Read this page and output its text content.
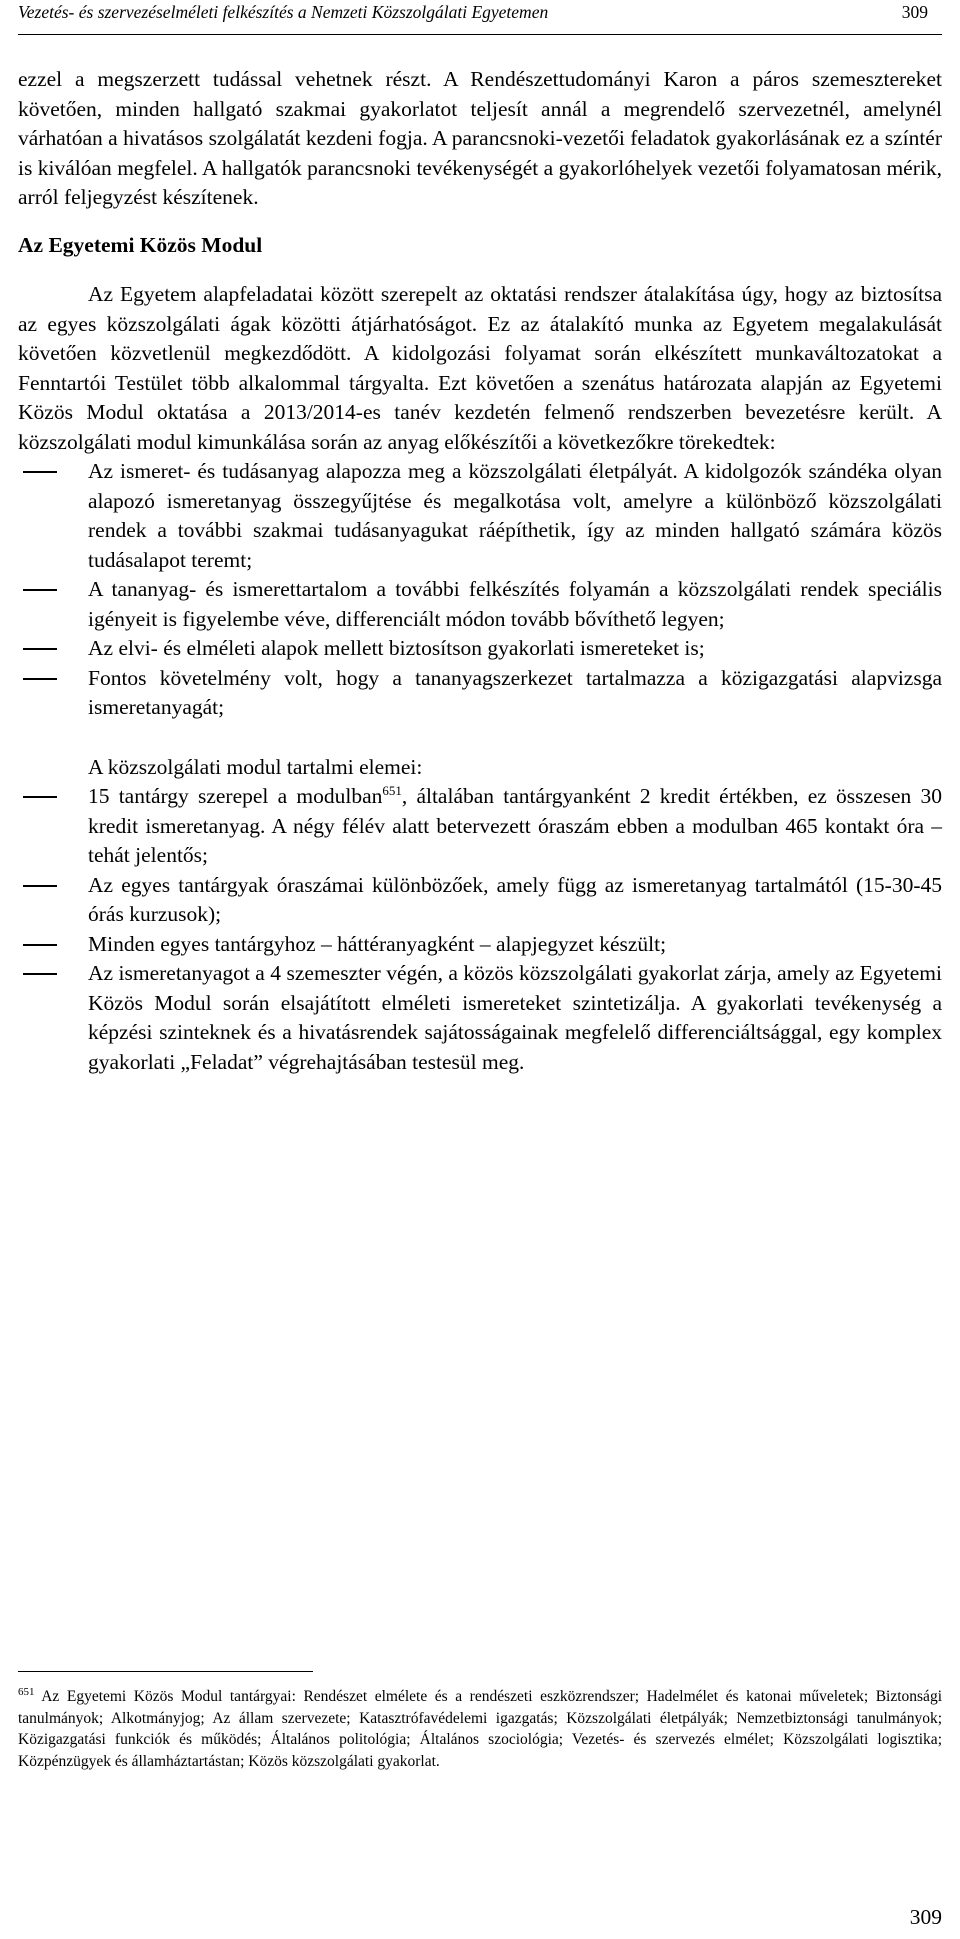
Vezetés- és szervezéselméleti felkészítés a Nemzeti Közszolgálati Egyetemen	309

ezzel a megszerzett tudással vehetnek részt. A Rendészettudományi Karon a páros szemesztereket követően, minden hallgató szakmai gyakorlatot teljesít annál a megrendelő szervezetnél, amelynél várhatóan a hivatásos szolgálatát kezdeni fogja. A parancsnoki-vezetői feladatok gyakorlásának ez a színtér is kiválóan megfelel. A hallgatók parancsnoki tevékenységét a gyakorlóhelyek vezetői folyamatosan mérik, arról feljegyzést készítenek.

Az Egyetemi Közös Modul

Az Egyetem alapfeladatai között szerepelt az oktatási rendszer átalakítása úgy, hogy az biztosítsa az egyes közszolgálati ágak közötti átjárhatóságot. Ez az átalakító munka az Egyetem megalakulását követően közvetlenül megkezdődött. A kidolgozási folyamat során elkészített munkaváltozatokat a Fenntartói Testület több alkalommal tárgyalta. Ezt követően a szenátus határozata alapján az Egyetemi Közös Modul oktatása a 2013/2014-es tanév kezdetén felmenő rendszerben bevezetésre került. A közszolgálati modul kimunkálása során az anyag előkészítői a következőkre törekedtek:

Az ismeret- és tudásanyag alapozza meg a közszolgálati életpályát. A kidolgozók szándéka olyan alapozó ismeretanyag összegyűjtése és megalkotása volt, amelyre a különböző közszolgálati rendek a további szakmai tudásanyagukat ráépíthetik, így az minden hallgató számára közös tudásalapot teremt;
A tananyag- és ismerettartalom a további felkészítés folyamán a közszolgálati rendek speciális igényeit is figyelembe véve, differenciált módon tovább bővíthető legyen;
Az elvi- és elméleti alapok mellett biztosítson gyakorlati ismereteket is;
Fontos követelmény volt, hogy a tananyagszerkezet tartalmazza a közigazgatási alapvizsga ismeretanyagát;

A közszolgálati modul tartalmi elemei:

15 tantárgy szerepel a modulban$^{651}$, általában tantárgyanként 2 kredit értékben, ez összesen 30 kredit ismeretanyag. A négy félév alatt betervezett óraszám ebben a modulban 465 kontakt óra – tehát jelentős;
Az egyes tantárgyak óraszámai különbözőek, amely függ az ismeretanyag tartalmától (15-30-45 órás kurzusok);
Minden egyes tantárgyhoz – háttéranyagként – alapjegyzet készült;
Az ismeretanyagot a 4 szemeszter végén, a közös közszolgálati gyakorlat zárja, amely az Egyetemi Közös Modul során elsajátított elméleti ismereteket szintetizálja. A gyakorlati tevékenység a képzési szinteknek és a hivatásrendek sajátosságainak megfelelő differenciáltsággal, egy komplex gyakorlati „Feladat” végrehajtásában testesül meg.
$^{651}$ Az Egyetemi Közös Modul tantárgyai: Rendészet elmélete és a rendészeti eszközrendszer; Hadelmélet és katonai műveletek; Biztonsági tanulmányok; Alkotmányjog; Az állam szervezete; Katasztrófavédelemi igazgatás; Közszolgálati életpályák; Nemzetbiztonsági tanulmányok; Közigazgatási funkciók és működés; Általános politológia; Általános szociológia; Vezetés- és szervezés elmélet; Közszolgálati logisztika; Közpénzügyek és államháztartástan; Közös közszolgálati gyakorlat.
309
